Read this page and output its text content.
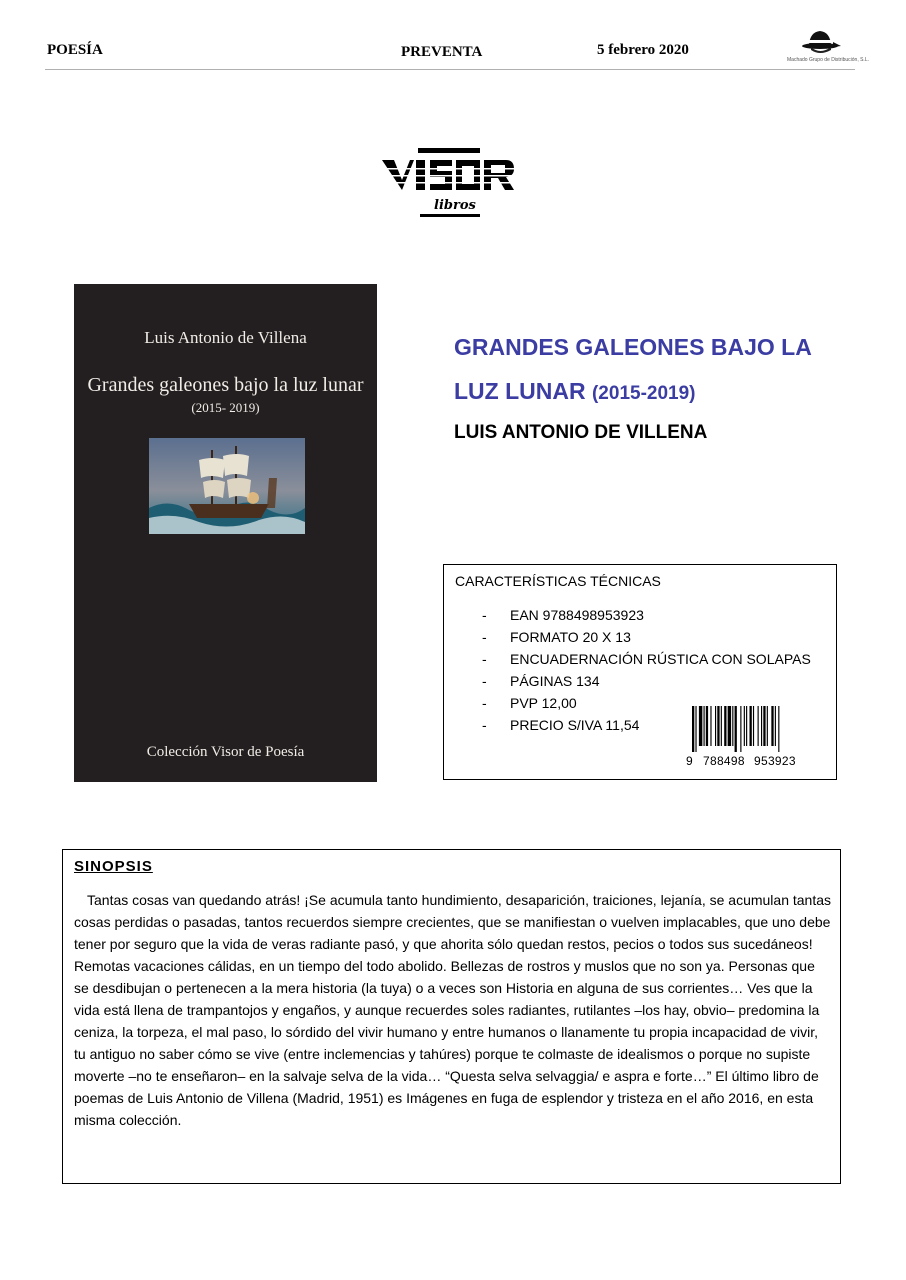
POESÍA	PREVENTA	5 febrero 2020
Machado Grupo de Distribución, S.L.
libros
Luis Antonio de Villena
Grandes galeones bajo la luz lunar
(2015- 2019)
Colección Visor de Poesía
GRANDES GALEONES BAJO LA
LUZ LUNAR (2015-2019)
LUIS ANTONIO DE VILLENA
CARACTERÍSTICAS TÉCNICAS
- EAN 9788498953923
- FORMATO 20 X 13
- ENCUADERNACIÓN RÚSTICA CON SOLAPAS
- PÁGINAS 134
- PVP 12,00
- PRECIO S/IVA 11,54
9 788498 953923
SINOPSIS
Tantas cosas van quedando atrás! ¡Se acumula tanto hundimiento, desaparición, traiciones, lejanía, se acumulan tantas cosas perdidas o pasadas, tantos recuerdos siempre crecientes, que se manifiestan o vuelven implacables, que uno debe tener por seguro que la vida de veras radiante pasó, y que ahorita sólo quedan restos, pecios o todos sus sucedáneos! Remotas vacaciones cálidas, en un tiempo del todo abolido. Bellezas de rostros y muslos que no son ya. Personas que se desdibujan o pertenecen a la mera historia (la tuya) o a veces son Historia en alguna de sus corrientes… Ves que la vida está llena de trampantojos y engaños, y aunque recuerdes soles radiantes, rutilantes –los hay, obvio– predomina la ceniza, la torpeza, el mal paso, lo sórdido del vivir humano y entre humanos o llanamente tu propia incapacidad de vivir, tu antiguo no saber cómo se vive (entre inclemencias y tahúres) porque te colmaste de idealismos o porque no supiste moverte –no te enseñaron– en la salvaje selva de la vida… “Questa selva selvaggia/ e aspra e forte…” El último libro de poemas de Luis Antonio de Villena (Madrid, 1951) es Imágenes en fuga de esplendor y tristeza en el año 2016, en esta misma colección.
